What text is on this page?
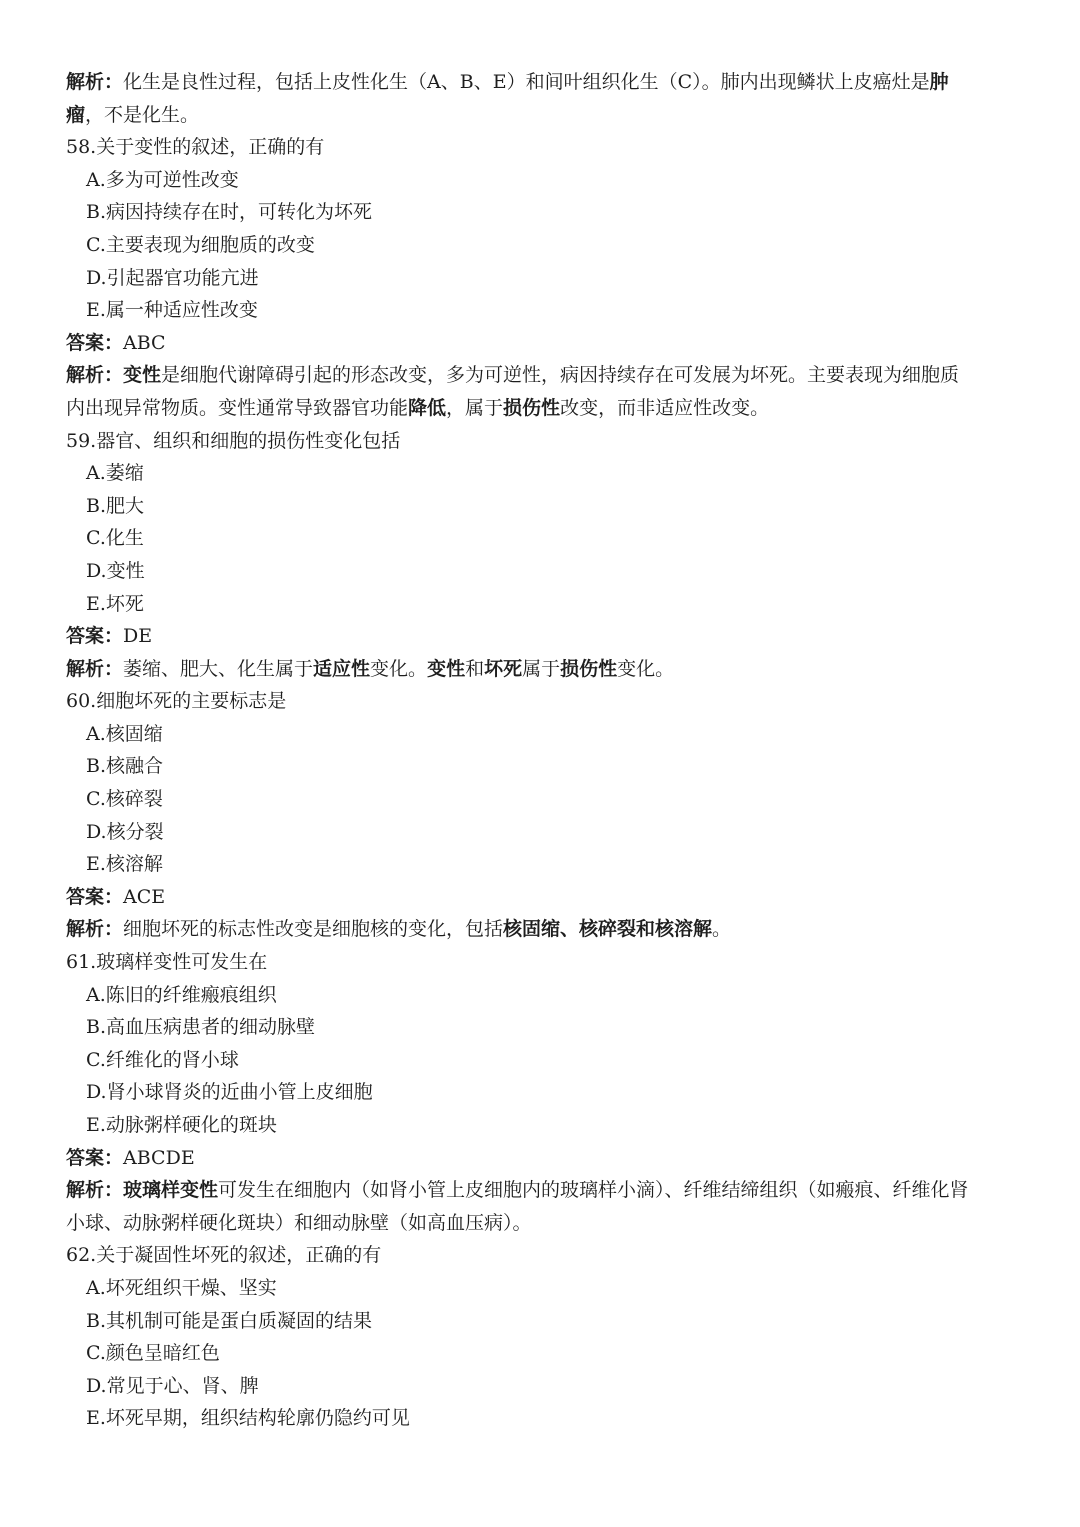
解析：化生是良性过程，包括上皮性化生（A、B、E）和间叶组织化生（C）。肺内出现鳞状上皮癌灶是肿
瘤，不是化生。
58.关于变性的叙述，正确的有
A.多为可逆性改变
B.病因持续存在时，可转化为坏死
C.主要表现为细胞质的改变
D.引起器官功能亢进
E.属一种适应性改变
答案：ABC
解析：变性是细胞代谢障碍引起的形态改变，多为可逆性，病因持续存在可发展为坏死。主要表现为细胞质
内出现异常物质。变性通常导致器官功能降低，属于损伤性改变，而非适应性改变。
59.器官、组织和细胞的损伤性变化包括
A.萎缩
B.肥大
C.化生
D.变性
E.坏死
答案：DE
解析：萎缩、肥大、化生属于适应性变化。变性和坏死属于损伤性变化。
60.细胞坏死的主要标志是
A.核固缩
B.核融合
C.核碎裂
D.核分裂
E.核溶解
答案：ACE
解析：细胞坏死的标志性改变是细胞核的变化，包括核固缩、核碎裂和核溶解。
61.玻璃样变性可发生在
A.陈旧的纤维瘢痕组织
B.高血压病患者的细动脉壁
C.纤维化的肾小球
D.肾小球肾炎的近曲小管上皮细胞
E.动脉粥样硬化的斑块
答案：ABCDE
解析：玻璃样变性可发生在细胞内（如肾小管上皮细胞内的玻璃样小滴）、纤维结缔组织（如瘢痕、纤维化肾
小球、动脉粥样硬化斑块）和细动脉壁（如高血压病）。
62.关于凝固性坏死的叙述，正确的有
A.坏死组织干燥、坚实
B.其机制可能是蛋白质凝固的结果
C.颜色呈暗红色
D.常见于心、肾、脾
E.坏死早期，组织结构轮廓仍隐约可见
